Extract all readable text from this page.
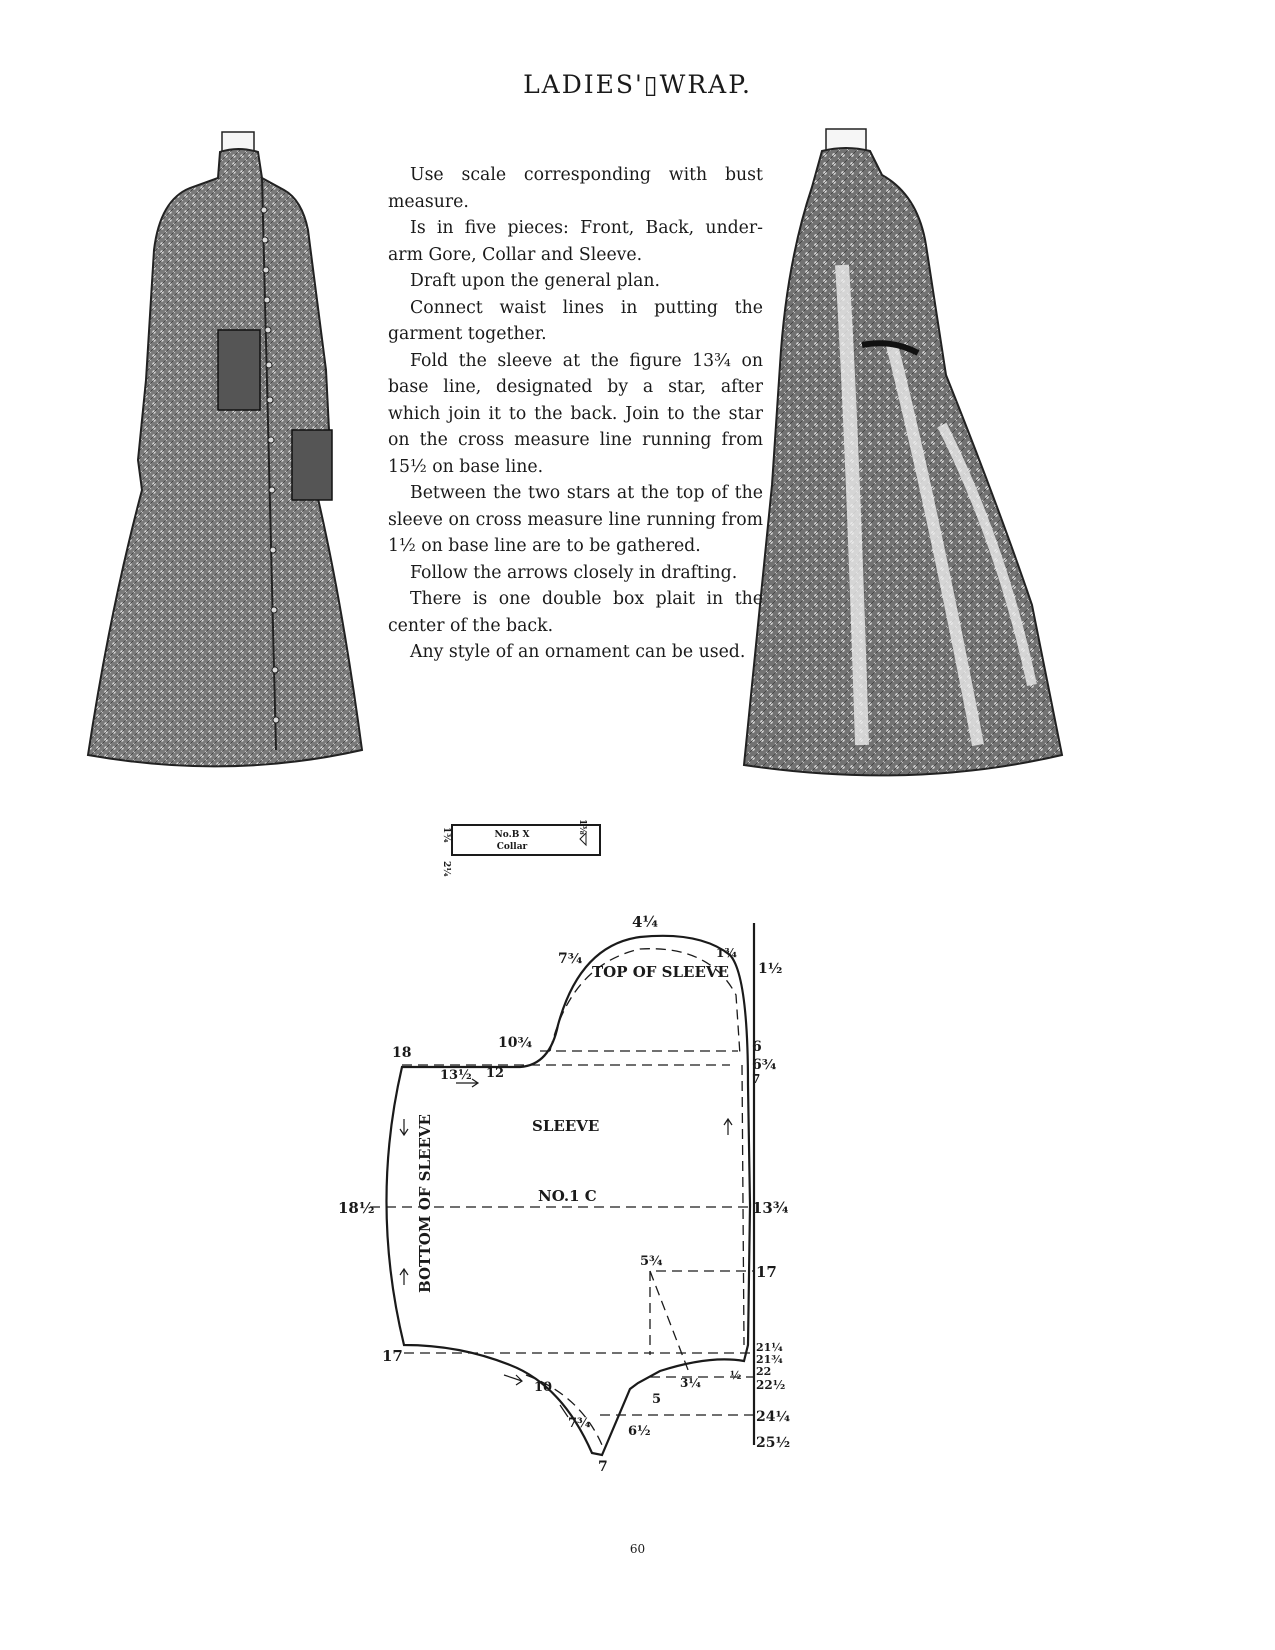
LADIES'▯WRAP.

Use scale corresponding with bust measure.

Is in five pieces: Front, Back, under-arm Gore, Collar and Sleeve.

Draft upon the general plan.

Connect waist lines in putting the garment together.

Fold the sleeve at the figure 13¾ on base line, designated by a star, after which join it to the back. Join to the star on the cross measure line running from 15½ on base line.

Between the two stars at the top of the sleeve on cross measure line running from 1½ on base line are to be gathered.

Follow the arrows closely in drafting.

There is one double box plait in the center of the back.

Any style of an ornament can be used.

No.B X
Collar
1¾
1⅜
2¼
TOP OF SLEEVE
SLEEVE
NO.1 C
BOTTOM OF SLEEVE
4¼
7¾	1¾
1½
10¾	6
6¾
7
18
13½ 12
18½	13¾
5¾
17
17	21¼
21¾
22
22½
3¼
½
10
5
7¾
6½
24¼
25½
7
60
